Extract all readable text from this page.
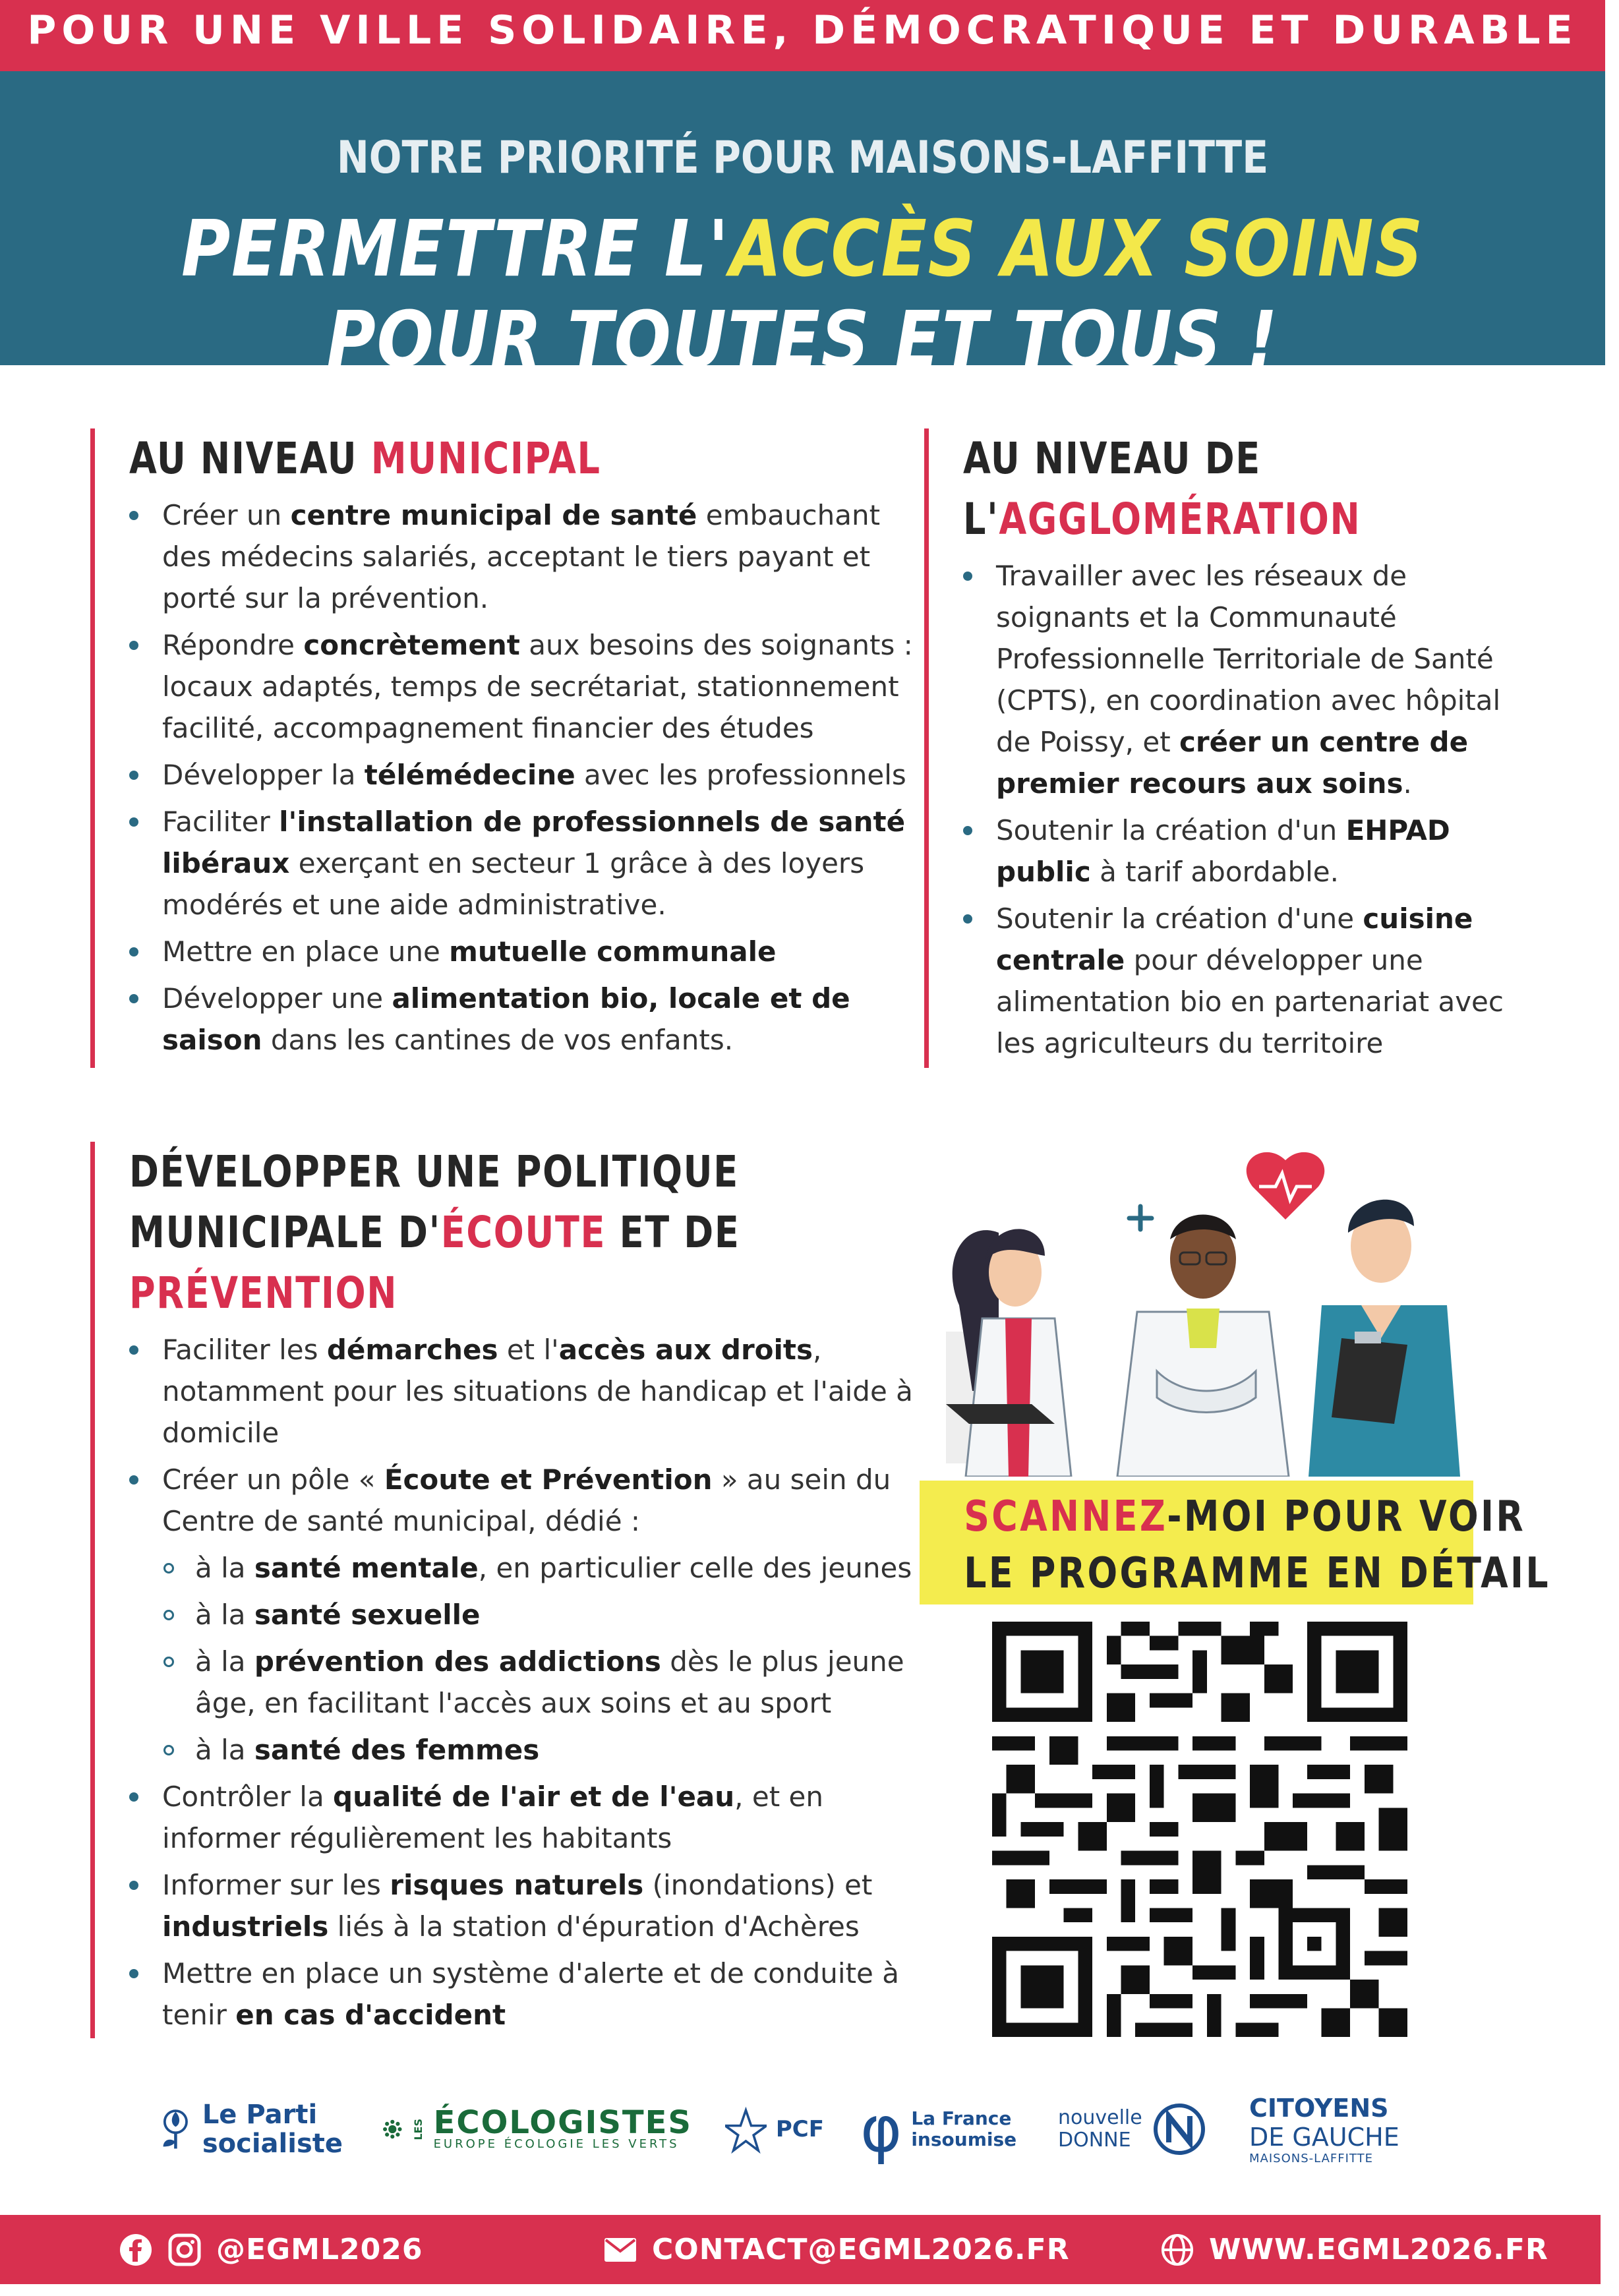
POUR UNE VILLE SOLIDAIRE, DÉMOCRATIQUE ET DURABLE
NOTRE PRIORITÉ POUR MAISONS-LAFFITTE
PERMETTRE L'ACCÈS AUX SOINS POUR TOUTES ET TOUS !
AU NIVEAU MUNICIPAL
Créer un centre municipal de santé embauchant des médecins salariés, acceptant le tiers payant et porté sur la prévention.
Répondre concrètement aux besoins des soignants : locaux adaptés, temps de secrétariat, stationnement facilité, accompagnement financier des études
Développer la télémédecine avec les professionnels
Faciliter l'installation de professionnels de santé libéraux exerçant en secteur 1 grâce à des loyers modérés et une aide administrative.
Mettre en place une mutuelle communale
Développer une alimentation bio, locale et de saison dans les cantines de vos enfants.
AU NIVEAU DE
L'AGGLOMÉRATION
Travailler avec les réseaux de soignants et la Communauté Professionnelle Territoriale de Santé (CPTS), en coordination avec hôpital de Poissy, et créer un centre de premier recours aux soins.
Soutenir la création d'un EHPAD public à tarif abordable.
Soutenir la création d'une cuisine centrale pour développer une alimentation bio en partenariat avec les agriculteurs du territoire
DÉVELOPPER UNE POLITIQUE
MUNICIPALE D'ÉCOUTE ET DE
PRÉVENTION
Faciliter les démarches et l'accès aux droits, notamment pour les situations de handicap et l'aide à domicile
Créer un pôle « Écoute et Prévention » au sein du Centre de santé municipal, dédié :
à la santé mentale, en particulier celle des jeunes
à la santé sexuelle
à la prévention des addictions dès le plus jeune âge, en facilitant l'accès aux soins et au sport
à la santé des femmes
Contrôler la qualité de l'air et de l'eau, et en informer régulièrement les habitants
Informer sur les risques naturels (inondations) et industriels liés à la station d'épuration d'Achères
Mettre en place un système d'alerte et de conduite à tenir en cas d'accident
SCANNEZ-MOI POUR VOIR
LE PROGRAMME EN DÉTAIL
Le Parti
socialiste	LES ÉCOLOGISTES
EUROPE ÉCOLOGIE LES VERTS
PCF φ La France
insoumise
nouvelle
DONNE
CITOYENS
DE GAUCHE
MAISONS-LAFFITTE
@EGML2026	CONTACT@EGML2026.FR	WWW.EGML2026.FR
